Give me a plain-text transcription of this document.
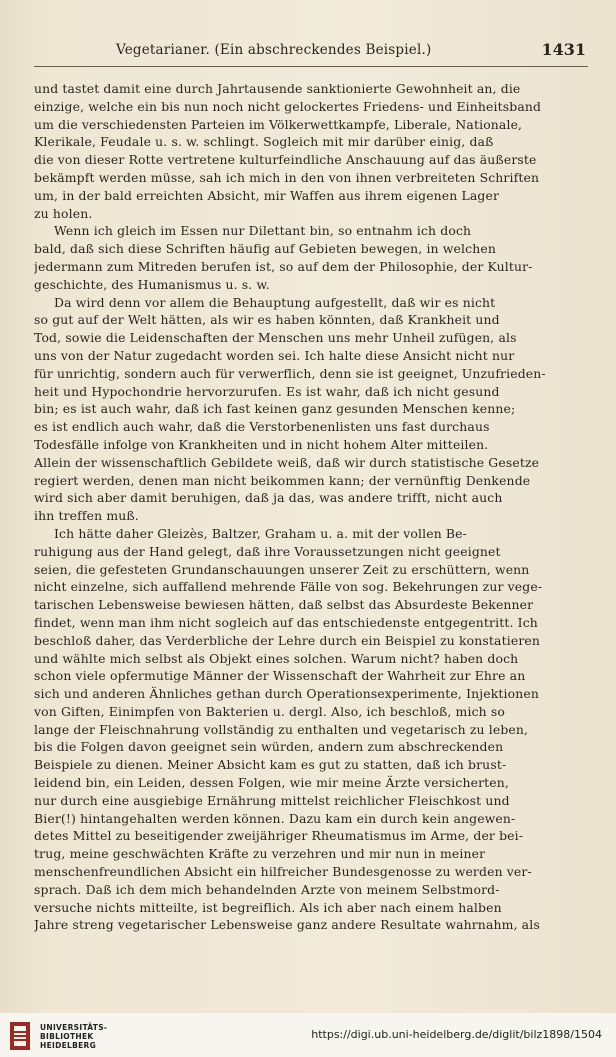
Vegetarianer. (Ein abschreckendes Beispiel.)	1431
und tastet damit eine durch Jahrtausende sanktionierte Gewohnheit an, die
einzige, welche ein bis nun noch nicht gelockertes Friedens- und Einheitsband
um die verschiedensten Parteien im Völkerwettkampfe, Liberale, Nationale,
Klerikale, Feudale u. s. w. schlingt. Sogleich mit mir darüber einig, daß
die von dieser Rotte vertretene kulturfeindliche Anschauung auf das äußerste
bekämpft werden müsse, sah ich mich in den von ihnen verbreiteten Schriften
um, in der bald erreichten Absicht, mir Waffen aus ihrem eigenen Lager
zu holen.
Wenn ich gleich im Essen nur Dilettant bin, so entnahm ich doch
bald, daß sich diese Schriften häufig auf Gebieten bewegen, in welchen
jedermann zum Mitreden berufen ist, so auf dem der Philosophie, der Kultur-
geschichte, des Humanismus u. s. w.
Da wird denn vor allem die Behauptung aufgestellt, daß wir es nicht
so gut auf der Welt hätten, als wir es haben könnten, daß Krankheit und
Tod, sowie die Leidenschaften der Menschen uns mehr Unheil zufügen, als
uns von der Natur zugedacht worden sei. Ich halte diese Ansicht nicht nur
für unrichtig, sondern auch für verwerflich, denn sie ist geeignet, Unzufrieden-
heit und Hypochondrie hervorzurufen. Es ist wahr, daß ich nicht gesund
bin; es ist auch wahr, daß ich fast keinen ganz gesunden Menschen kenne;
es ist endlich auch wahr, daß die Verstorbenenlisten uns fast durchaus
Todesfälle infolge von Krankheiten und in nicht hohem Alter mitteilen.
Allein der wissenschaftlich Gebildete weiß, daß wir durch statistische Gesetze
regiert werden, denen man nicht beikommen kann; der vernünftig Denkende
wird sich aber damit beruhigen, daß ja das, was andere trifft, nicht auch
ihn treffen muß.
Ich hätte daher Gleizès, Baltzer, Graham u. a. mit der vollen Be-
ruhigung aus der Hand gelegt, daß ihre Voraussetzungen nicht geeignet
seien, die gefesteten Grundanschauungen unserer Zeit zu erschüttern, wenn
nicht einzelne, sich auffallend mehrende Fälle von sog. Bekehrungen zur vege-
tarischen Lebensweise bewiesen hätten, daß selbst das Absurdeste Bekenner
findet, wenn man ihm nicht sogleich auf das entschiedenste entgegentritt. Ich
beschloß daher, das Verderbliche der Lehre durch ein Beispiel zu konstatieren
und wählte mich selbst als Objekt eines solchen. Warum nicht? haben doch
schon viele opfermutige Männer der Wissenschaft der Wahrheit zur Ehre an
sich und anderen Ähnliches gethan durch Operationsexperimente, Injektionen
von Giften, Einimpfen von Bakterien u. dergl. Also, ich beschloß, mich so
lange der Fleischnahrung vollständig zu enthalten und vegetarisch zu leben,
bis die Folgen davon geeignet sein würden, andern zum abschreckenden
Beispiele zu dienen. Meiner Absicht kam es gut zu statten, daß ich brust-
leidend bin, ein Leiden, dessen Folgen, wie mir meine Ärzte versicherten,
nur durch eine ausgiebige Ernährung mittelst reichlicher Fleischkost und
Bier(!) hintangehalten werden können. Dazu kam ein durch kein angewen-
detes Mittel zu beseitigender zweijähriger Rheumatismus im Arme, der bei-
trug, meine geschwächten Kräfte zu verzehren und mir nun in meiner
menschenfreundlichen Absicht ein hilfreicher Bundesgenosse zu werden ver-
sprach. Daß ich dem mich behandelnden Arzte von meinem Selbstmord-
versuche nichts mitteilte, ist begreiflich. Als ich aber nach einem halben
Jahre streng vegetarischer Lebensweise ganz andere Resultate wahrnahm, als
UNIVERSITÄTS-
BIBLIOTHEK
HEIDELBERG
https://digi.ub.uni-heidelberg.de/diglit/bilz1898/1504
